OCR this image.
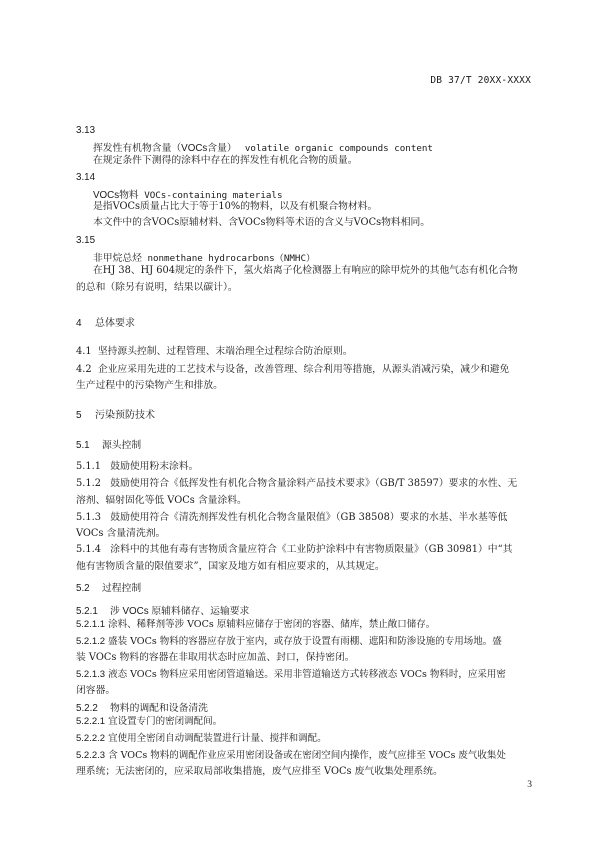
DB 37/T 20XX-XXXX
3.13
挥发性有机物含量（VOCs含量） volatile organic compounds content
在规定条件下测得的涂料中存在的挥发性有机化合物的质量。
3.14
VOCs物料 VOCs-containing materials
是指VOCs质量占比大于等于10%的物料，以及有机聚合物材料。
本文件中的含VOCs原辅材料、含VOCs物料等术语的含义与VOCs物料相同。
3.15
非甲烷总烃 nonmethane hydrocarbons（NMHC）
在HJ 38、HJ 604规定的条件下，氢火焰离子化检测器上有响应的除甲烷外的其他气态有机化合物
的总和（除另有说明，结果以碳计）。
4 总体要求
4.1 坚持源头控制、过程管理、末端治理全过程综合防治原则。
4.2 企业应采用先进的工艺技术与设备，改善管理、综合利用等措施，从源头消减污染，减少和避免
生产过程中的污染物产生和排放。
5 污染预防技术
5.1 源头控制
5.1.1 鼓励使用粉末涂料。
5.1.2 鼓励使用符合《低挥发性有机化合物含量涂料产品技术要求》（GB/T 38597）要求的水性、无
溶剂、辐射固化等低 VOCs 含量涂料。
5.1.3 鼓励使用符合《清洗剂挥发性有机化合物含量限值》（GB 38508）要求的水基、半水基等低
VOCs 含量清洗剂。
5.1.4 涂料中的其他有毒有害物质含量应符合《工业防护涂料中有害物质限量》（GB 30981）中“其
他有害物质含量的限值要求”，国家及地方如有相应要求的，从其规定。
5.2 过程控制
5.2.1 涉 VOCs 原辅料储存、运输要求
5.2.1.1 涂料、稀释剂等涉 VOCs 原辅料应储存于密闭的容器、储库，禁止敞口储存。
5.2.1.2 盛装 VOCs 物料的容器应存放于室内，或存放于设置有雨棚、遮阳和防渗设施的专用场地。盛
装 VOCs 物料的容器在非取用状态时应加盖、封口，保持密闭。
5.2.1.3 液态 VOCs 物料应采用密闭管道输送。采用非管道输送方式转移液态 VOCs 物料时，应采用密
闭容器。
5.2.2 物料的调配和设备清洗
5.2.2.1 宜设置专门的密闭调配间。
5.2.2.2 宜使用全密闭自动调配装置进行计量、搅拌和调配。
5.2.2.3 含 VOCs 物料的调配作业应采用密闭设备或在密闭空间内操作，废气应排至 VOCs 废气收集处
理系统；无法密闭的，应采取局部收集措施，废气应排至 VOCs 废气收集处理系统。
3
